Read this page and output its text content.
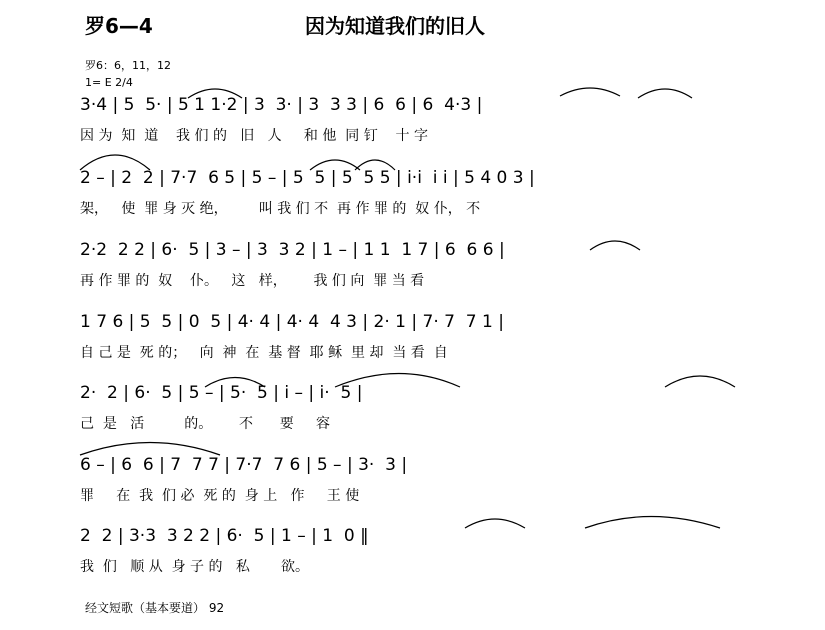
罗6—4	因为知道我们的旧人
罗6：6，11，12
1= E 2/4
3·4 | 5  5· | 5 1 1·2 | 3  3· | 3  3 3 | 6  6 | 6  4·3 |
因 为  知  道    我 们 的   旧   人     和 他  同 钉    十 字
2 – | 2  2 | 7·7  6 5 | 5 – | 5  5 | 5  5 5 | i·i  i i | 5 4 0 3 |
架，   使  罪 身 灭 绝，       叫 我 们 不  再 作 罪 的  奴 仆， 不
2·2  2 2 | 6·  5 | 3 – | 3  3 2 | 1 – | 1 1  1 7 | 6  6 6 |
再 作 罪 的  奴    仆。   这   样，      我 们 向  罪 当 看
1 7 6 | 5  5 | 0  5 | 4· 4 | 4· 4  4 3 | 2· 1 | 7· 7  7 1 |
自 己 是  死 的；   向  神  在  基 督  耶 稣  里 却  当 看  自
2·  2 | 6·  5 | 5 – | 5·  5 | i – | i·  5 |
己  是   活         的。      不      要     容
6 – | 6  6 | 7  7 7 | 7·7  7 6 | 5 – | 3·  3 |
罪     在  我  们 必  死 的  身 上   作     王 使
2  2 | 3·3  3 2 2 | 6·  5 | 1 – | 1  0 ‖
我  们   顺 从  身 子 的   私       欲。
经文短歌（基本要道） 92
